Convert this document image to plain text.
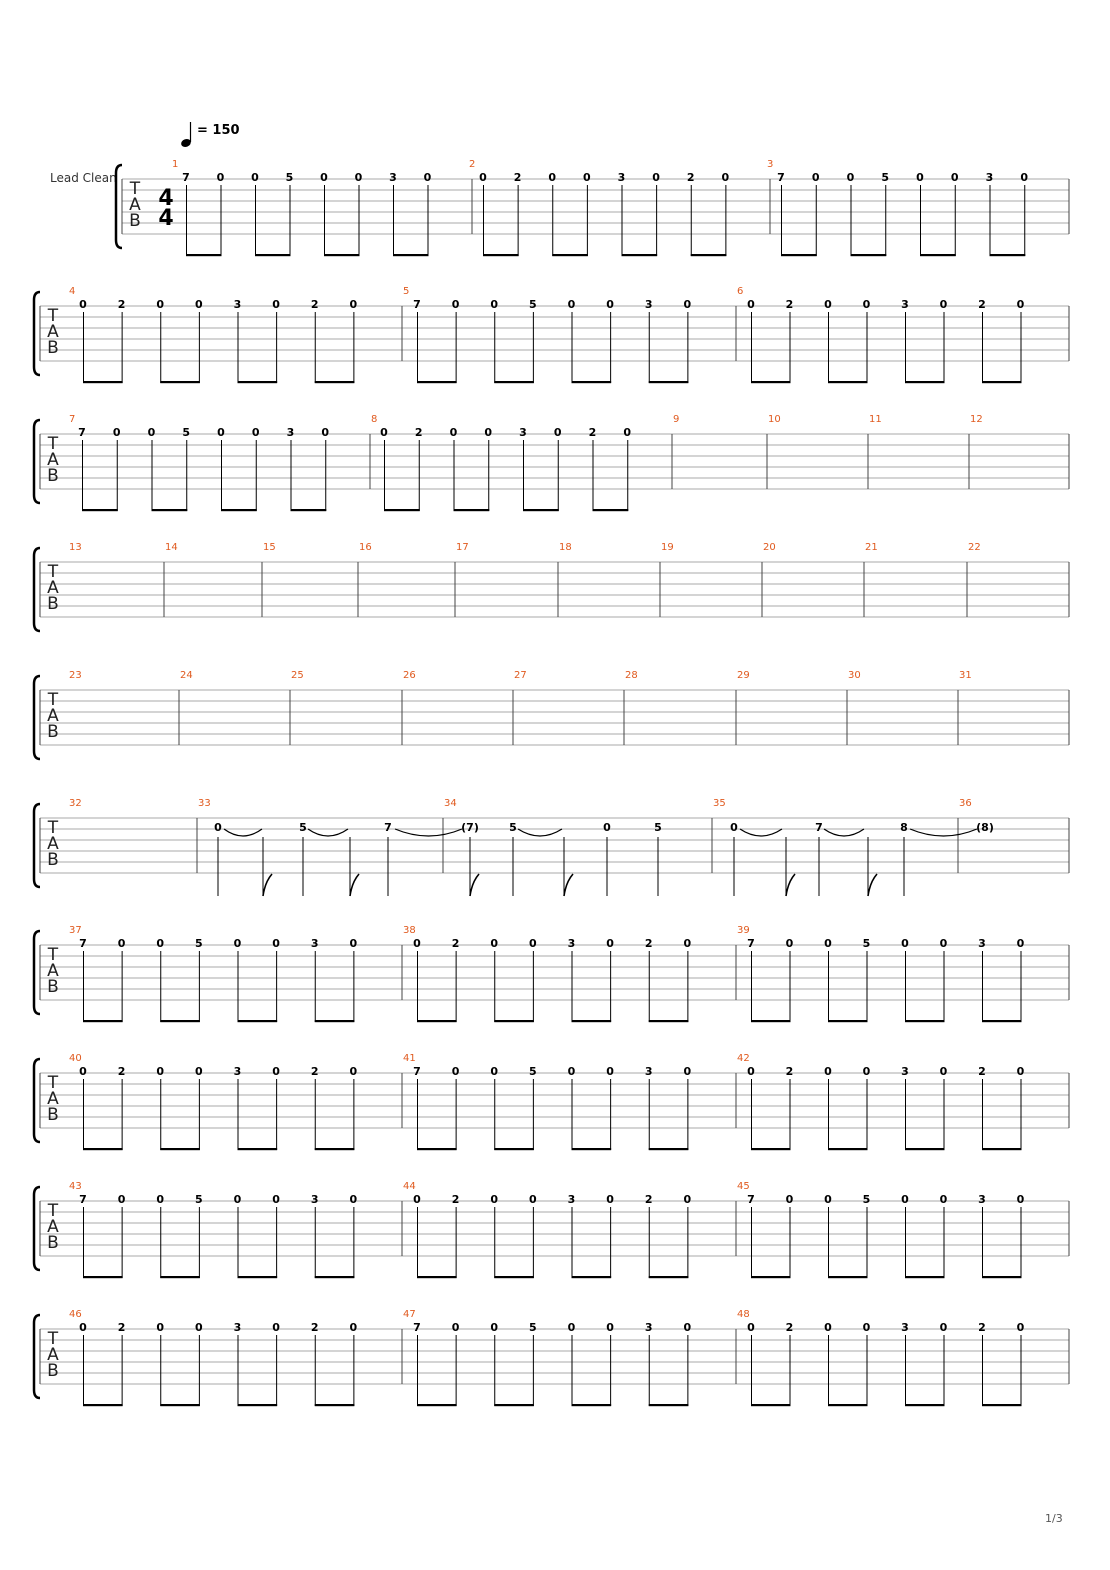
= 150
Lead Clean
1/3
T
A
B
4
4
1
7 0 0 5 0 0 3 0
2
0 2 0 0 3 0 2 0
3
7 0 0 5 0 0 3 0
T
A
B
4
0	2	0	0	3	0	2	0
5
7	0	0	5	0	0	3	0
6
0	2	0	0	3	0	2	0
T
A
B
7
7 0 0 5 0 0 3 0
8
0 2 0 0 3 0 2 0
9	10	11	12
T
A
B
13	14	15	16	17	18	19	20	21	22
T
A
B
23	24	25	26	27	28	29	30	31
T
A
B
32	33
0	5	7
34
(7)	5	0	5
35
0	7	8
36
(8)
T
A
B
37
7	0	0	5	0	0	3	0
38
0	2	0	0	3	0	2	0
39
7	0	0	5	0	0	3	0
T
A
B
40
0	2	0	0	3	0	2	0
41
7	0	0	5	0	0	3	0
42
0	2	0	0	3	0	2	0
T
A
B
43
7	0	0	5	0	0	3	0
44
0	2	0	0	3	0	2	0
45
7	0	0	5	0	0	3	0
T
A
B
46
0	2	0	0	3	0	2	0
47
7	0	0	5	0	0	3	0
48
0	2	0	0	3	0	2	0
